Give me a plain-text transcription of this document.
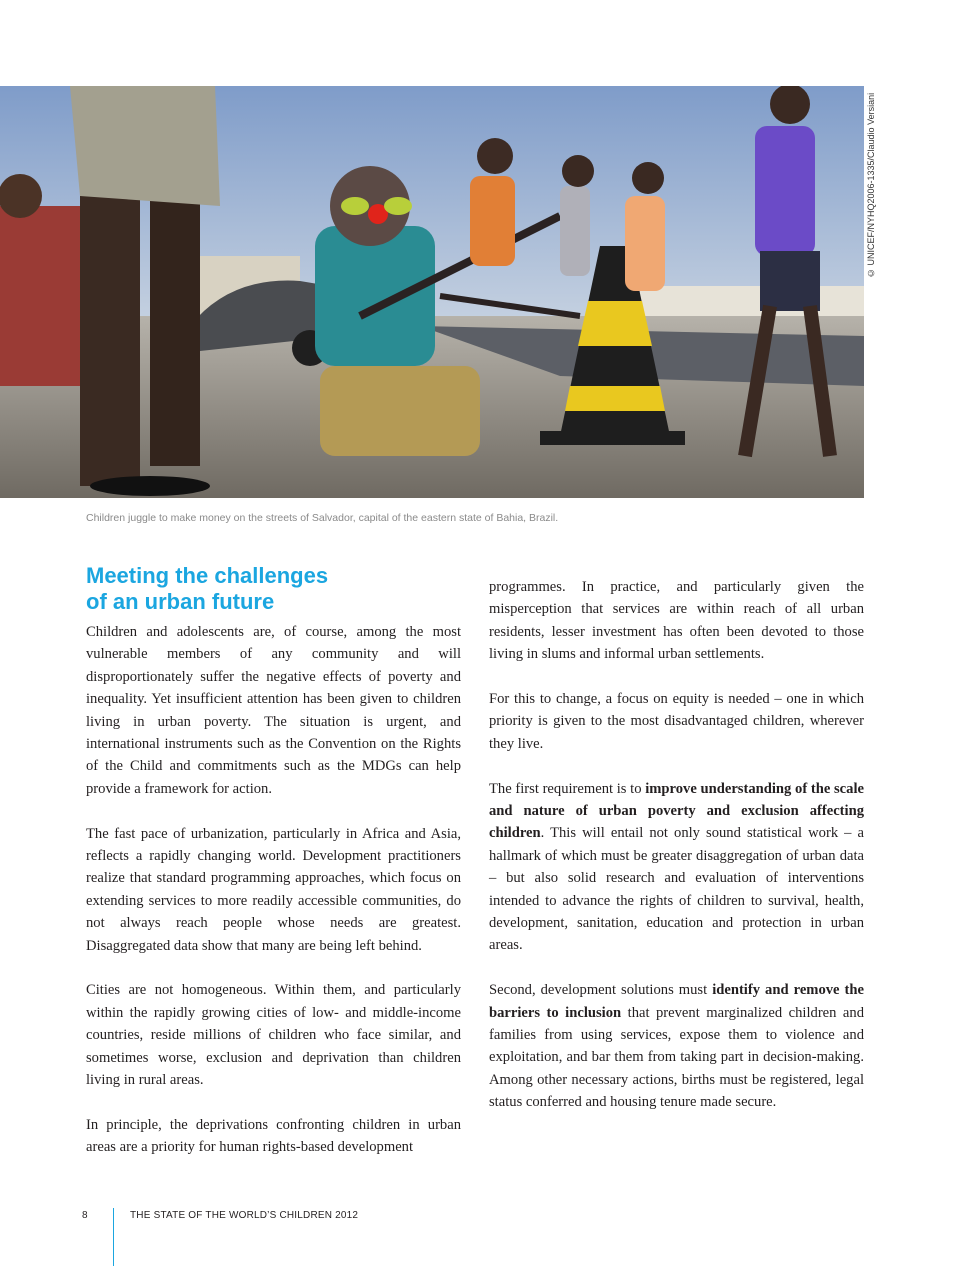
© UNICEF/NYHQ2006-1335/Claudio Versiani
Children juggle to make money on the streets of Salvador, capital of the eastern state of Bahia, Brazil.
Meeting the challenges
of an urban future

Children and adolescents are, of course, among the most vulnerable members of any community and will disproportionately suffer the negative effects of poverty and inequality. Yet insufficient attention has been given to children living in urban poverty. The situation is urgent, and international instruments such as the Convention on the Rights of the Child and commitments such as the MDGs can help provide a framework for action.

The fast pace of urbanization, particularly in Africa and Asia, reflects a rapidly changing world. Development practitioners realize that standard programming approaches, which focus on extending services to more readily accessible communities, do not always reach people whose needs are greatest. Disaggregated data show that many are being left behind.

Cities are not homogeneous. Within them, and particularly within the rapidly growing cities of low- and middle-income countries, reside millions of children who face similar, and sometimes worse, exclusion and deprivation than children living in rural areas.

In principle, the deprivations confronting children in urban areas are a priority for human rights-based development

programmes. In practice, and particularly given the misperception that services are within reach of all urban residents, lesser investment has often been devoted to those living in slums and informal urban settlements.

For this to change, a focus on equity is needed – one in which priority is given to the most disadvantaged children, wherever they live.

The first requirement is to improve understanding of the scale and nature of urban poverty and exclusion affecting children. This will entail not only sound statistical work – a hallmark of which must be greater disaggregation of urban data – but also solid research and evaluation of interventions intended to advance the rights of children to survival, health, development, sanitation, education and protection in urban areas.

Second, development solutions must identify and remove the barriers to inclusion that prevent marginalized children and families from using services, expose them to violence and exploitation, and bar them from taking part in decision-making. Among other necessary actions, births must be registered, legal status conferred and housing tenure made secure.

8	THE STATE OF THE WORLD’S CHILDREN 2012
